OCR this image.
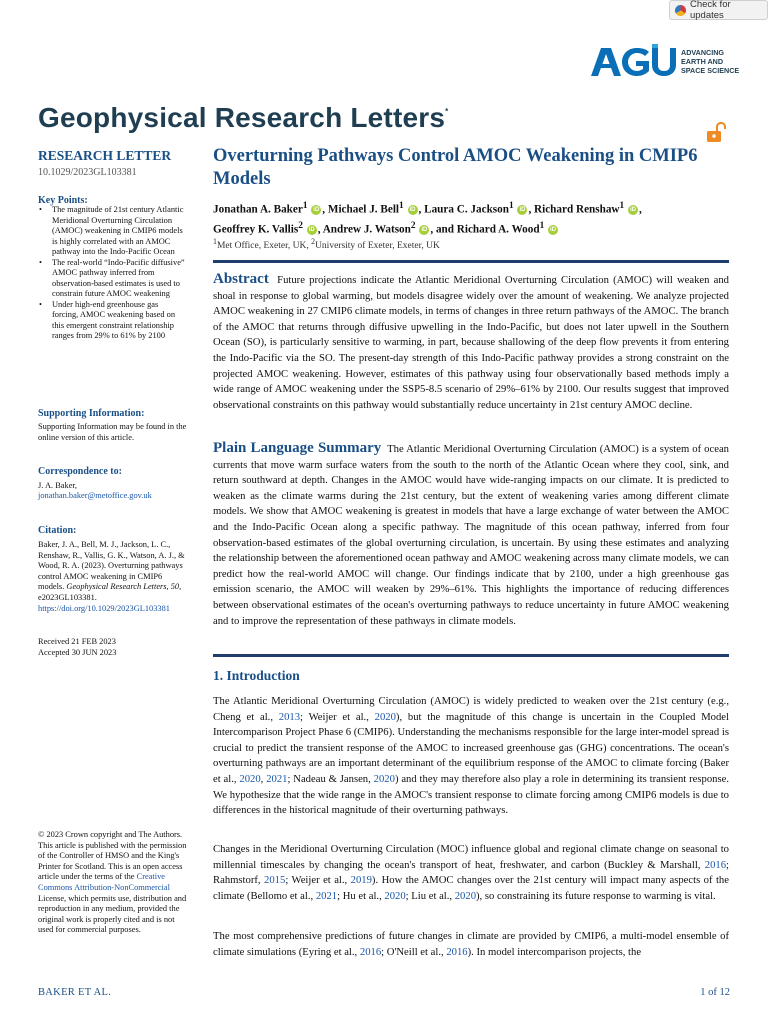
Check for updates
ADVANCING
EARTH AND
SPACE SCIENCES
Geophysical Research Letters*
RESEARCH LETTER
10.1029/2023GL103381
Key Points:
• The magnitude of 21st century Atlantic Meridional Overturning Circulation (AMOC) weakening in CMIP6 models is highly correlated with an AMOC pathway into the Indo-Pacific Ocean
• The real-world “Indo-Pacific diffusive” AMOC pathway inferred from observation-based estimates is used to constrain future AMOC weakening
• Under high-end greenhouse gas forcing, AMOC weakening based on this emergent constraint relationship ranges from 29% to 61% by 2100
Supporting Information:
Supporting Information may be found in the online version of this article.
Correspondence to:
J. A. Baker,
jonathan.baker@metoffice.gov.uk
Citation:
Baker, J. A., Bell, M. J., Jackson, L. C., Renshaw, R., Vallis, G. K., Watson, A. J., & Wood, R. A. (2023). Overturning pathways control AMOC weakening in CMIP6 models. Geophysical Research Letters, 50, e2023GL103381. https://doi.org/10.1029/2023GL103381
Received 21 FEB 2023
Accepted 30 JUN 2023
© 2023 Crown copyright and The Authors. This article is published with the permission of the Controller of HMSO and the King's Printer for Scotland. This is an open access article under the terms of the Creative Commons Attribution-NonCommercial License, which permits use, distribution and reproduction in any medium, provided the original work is properly cited and is not used for commercial purposes.
Overturning Pathways Control AMOC Weakening in CMIP6 Models
Jonathan A. Baker$^1$ iD , Michael J. Bell$^1$ iD , Laura C. Jackson$^1$ iD , Richard Renshaw$^1$ iD ,
Geoffrey K. Vallis$^2$ iD , Andrew J. Watson$^2$ iD , and Richard A. Wood$^1$ iD
$^1$Met Office, Exeter, UK, $^2$University of Exeter, Exeter, UK
Abstract Future projections indicate the Atlantic Meridional Overturning Circulation (AMOC) will weaken and shoal in response to global warming, but models disagree widely over the amount of weakening. We analyze projected AMOC weakening in 27 CMIP6 climate models, in terms of changes in three return pathways of the AMOC. The branch of the AMOC that returns through diffusive upwelling in the Indo-Pacific, but does not later upwell in the Southern Ocean (SO), is particularly sensitive to warming, in part, because shallowing of the deep flow prevents it from entering the Indo-Pacific via the SO. The present-day strength of this Indo-Pacific pathway provides a strong constraint on the projected AMOC weakening. However, estimates of this pathway using four observationally based methods imply a wide range of AMOC weakening under the SSP5-8.5 scenario of 29%–61% by 2100. Our results suggest that improved observational constraints on this pathway would substantially reduce uncertainty in 21st century AMOC decline.
Plain Language Summary The Atlantic Meridional Overturning Circulation (AMOC) is a system of ocean currents that move warm surface waters from the south to the north of the Atlantic Ocean where they cool, sink, and return southward at depth. Changes in the AMOC would have wide-ranging impacts on our climate. It is predicted to weaken as the climate warms during the 21st century, but the extent of weakening varies among different climate models. We show that AMOC weakening is greatest in models that have a large exchange of water between the AMOC and the Indo-Pacific Ocean along a specific pathway. The magnitude of this ocean pathway, inferred from four observation-based estimates of the global overturning circulation, is uncertain. By using these estimates and analyzing the relationship between the aforementioned ocean pathway and AMOC weakening across many climate models, we can predict how the real-world AMOC will change. Our findings indicate that by 2100, under a high greenhouse gas emission scenario, the AMOC will weaken by 29%–61%. This highlights the importance of reducing differences between observational estimates of the ocean's overturning pathways to reduce uncertainty in future AMOC weakening and to improve the representation of these pathways in climate models.
1. Introduction
The Atlantic Meridional Overturning Circulation (AMOC) is widely predicted to weaken over the 21st century (e.g., Cheng et al., 2013; Weijer et al., 2020), but the magnitude of this change is uncertain in the Coupled Model Intercomparison Project Phase 6 (CMIP6). Understanding the mechanisms responsible for the large inter-model spread is crucial to predict the transient response of the AMOC to increased greenhouse gas (GHG) concentrations. The ocean's overturning pathways are an important determinant of the equilibrium response of the AMOC to climate forcing (Baker et al., 2020, 2021; Nadeau & Jansen, 2020) and they may therefore also play a role in determining its transient response. We hypothesize that the wide range in the AMOC's transient response to climate forcing among CMIP6 models is due to differences in the historical magnitude of their overturning pathways.
Changes in the Meridional Overturning Circulation (MOC) influence global and regional climate change on seasonal to millennial timescales by changing the ocean's transport of heat, freshwater, and carbon (Buckley & Marshall, 2016; Rahmstorf, 2015; Weijer et al., 2019). How the AMOC changes over the 21st century will impact many aspects of the climate (Bellomo et al., 2021; Hu et al., 2020; Liu et al., 2020), so constraining its future response to warming is vital.
The most comprehensive predictions of future changes in climate are provided by CMIP6, a multi-model ensemble of climate simulations (Eyring et al., 2016; O'Neill et al., 2016). In model intercomparison projects, the
BAKER ET AL.	1 of 12
